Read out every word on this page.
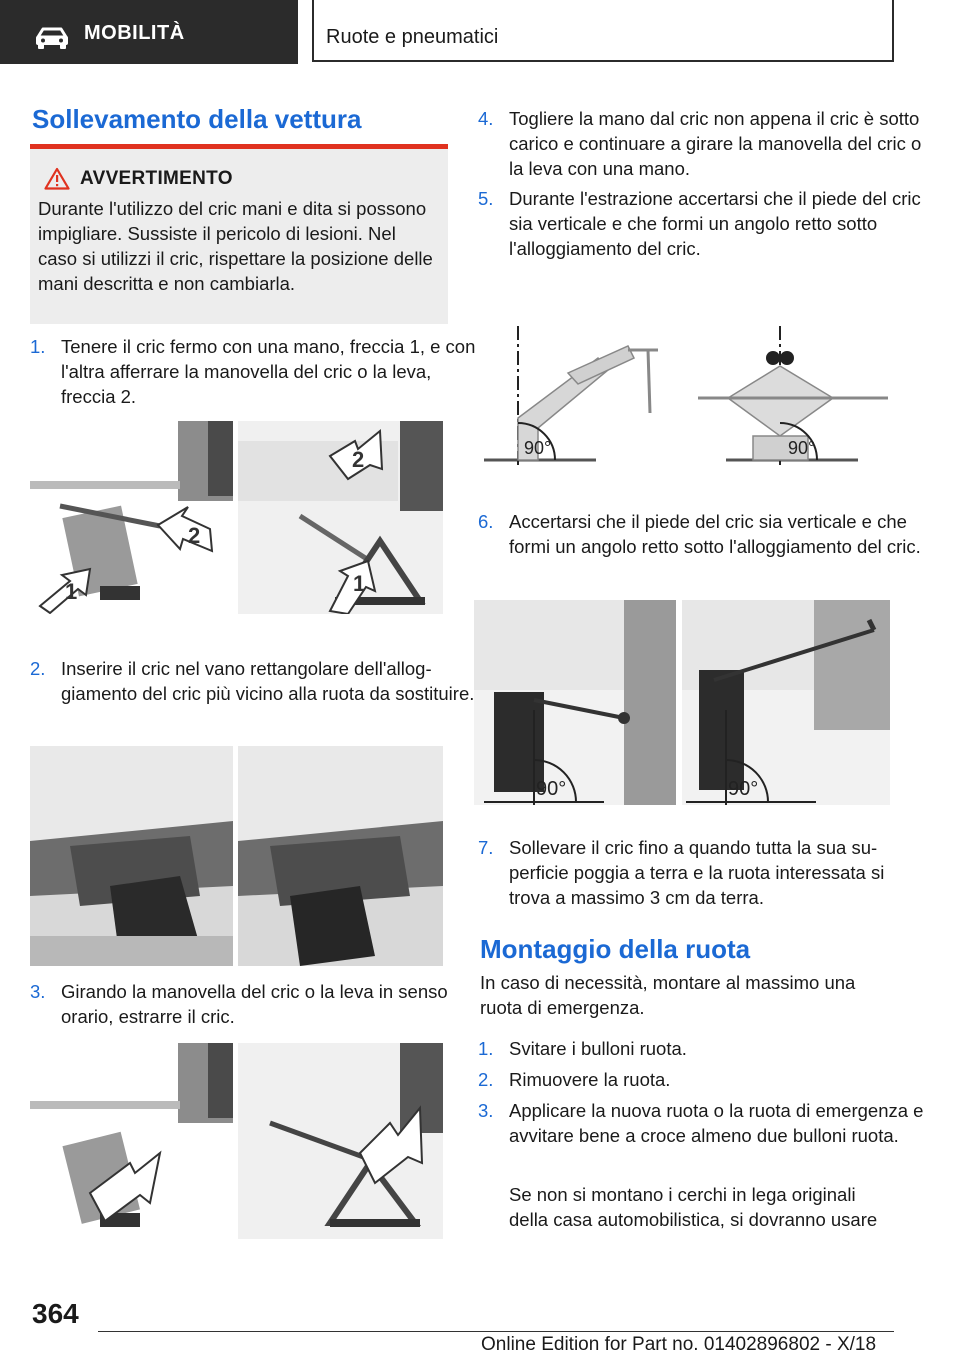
MOBILITÀ	Ruote e pneumatici
Sollevamento della vettura
AVVERTIMENTO
Durante l'utilizzo del cric mani e dita si possono impigliare. Sussiste il pericolo di lesioni. Nel caso si utilizzi il cric, rispettare la posizione delle mani descritta e non cambiarla.
1. Tenere il cric fermo con una mano, freccia 1, e con l'altra afferrare la manovella del cric o la leva, freccia 2.
1
2
2
1
2. Inserire il cric nel vano rettangolare dell'alloggiamento del cric più vicino alla ruota da sostituire.
3. Girando la manovella del cric o la leva in senso orario, estrarre il cric.
4. Togliere la mano dal cric non appena il cric è sotto carico e continuare a girare la manovella del cric o la leva con una mano.
5. Durante l'estrazione accertarsi che il piede del cric sia verticale e che formi un angolo retto sotto l'alloggiamento del cric.
90°	90°
6. Accertarsi che il piede del cric sia verticale e che formi un angolo retto sotto l'alloggiamento del cric.
90°	90°
7. Sollevare il cric fino a quando tutta la sua superficie poggia a terra e la ruota interessata si trova a massimo 3 cm da terra.
Montaggio della ruota
In caso di necessità, montare al massimo una ruota di emergenza.
1. Svitare i bulloni ruota.
2. Rimuovere la ruota.
3. Applicare la nuova ruota o la ruota di emergenza e avvitare bene a croce almeno due bulloni ruota.
Se non si montano i cerchi in lega originali della casa automobilistica, si dovranno usare
364
Online Edition for Part no. 01402896802 - X/18
